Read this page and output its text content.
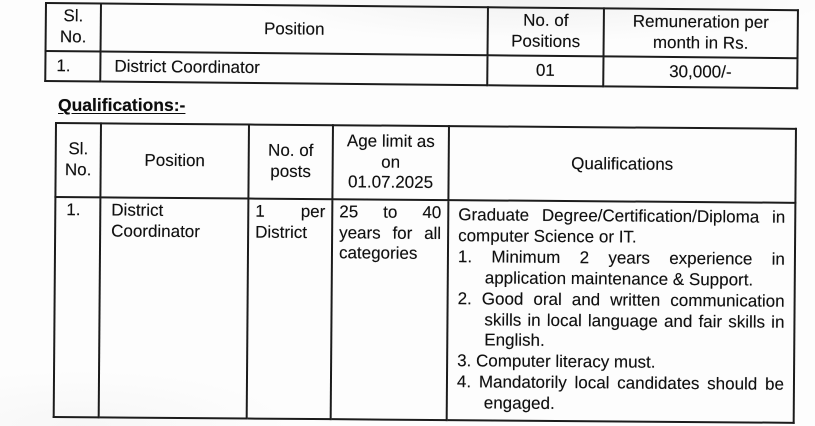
Sl. No.	Position	No. of Positions	Remuneration per month in Rs.
1.	District Coordinator	01	30,000/-
Qualifications:-
Sl. No.	Position	No. of posts	Age limit as on 01.07.2025	Qualifications
1.	District Coordinator	1 per District	25 to 40 years for all categories	Graduate Degree/Certification/Diploma in computer Science or IT.
1. Minimum 2 years experience in application maintenance & Support.
2. Good oral and written communication skills in local language and fair skills in English.
3. Computer literacy must.
4. Mandatorily local candidates should be engaged.
